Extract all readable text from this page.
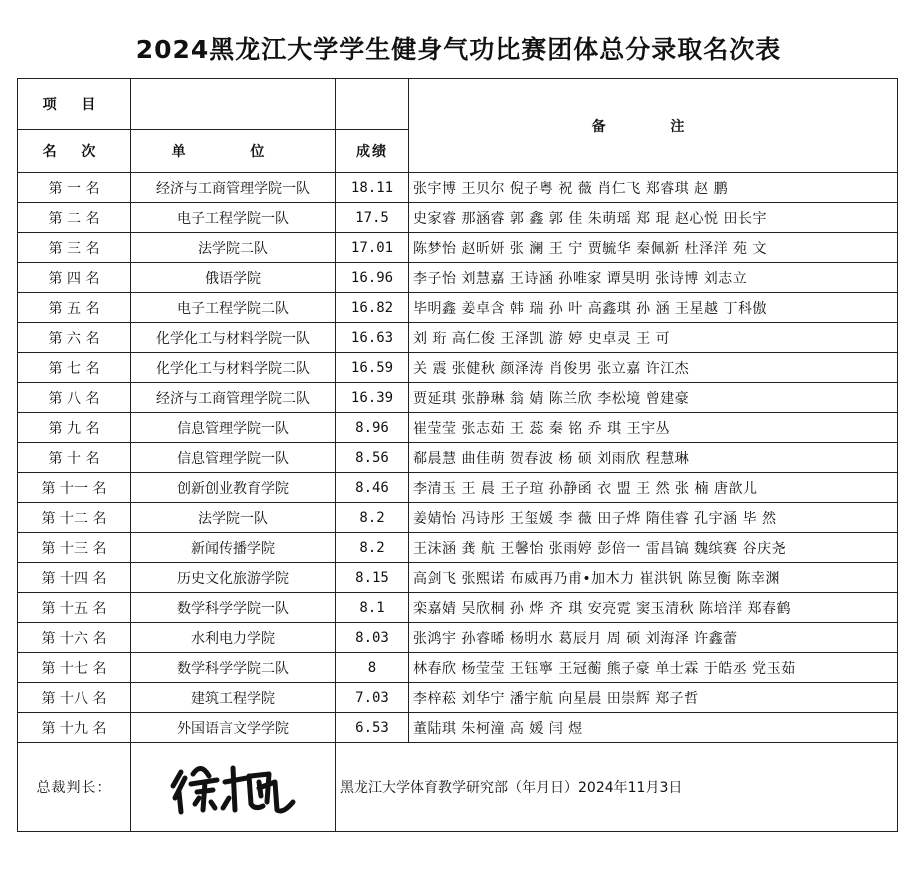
2024黑龙江大学学生健身气功比赛团体总分录取名次表
项 目			备 注
名 次	单 位	成绩	
第 一 名	经济与工商管理学院一队	18.11	张宇博 王贝尔 倪子粤 祝 薇 肖仁飞 郑睿琪 赵 鹏
第 二 名	电子工程学院一队	17.5	史家睿 那涵睿 郭 鑫 郭 佳 朱萌瑶 郑 琨 赵心悦 田长宇
第 三 名	法学院二队	17.01	陈梦怡 赵昕妍 张 澜 王 宁 贾毓华 秦佩新 杜泽洋 苑 文
第 四 名	俄语学院	16.96	李子怡 刘慧嘉 王诗涵 孙唯家 谭昊明 张诗博 刘志立
第 五 名	电子工程学院二队	16.82	毕明鑫 姜卓含 韩 瑞 孙 叶 高鑫琪 孙 涵 王星越 丁科傲
第 六 名	化学化工与材料学院一队	16.63	刘 珩 高仁俊 王泽凯 游 婷 史卓灵 王 可
第 七 名	化学化工与材料学院二队	16.59	关 震 张健秋 颜泽涛 肖俊男 张立嘉 许江杰
第 八 名	经济与工商管理学院二队	16.39	贾延琪 张静琳 翁 婧 陈兰欣 李松境 曾建豪
第 九 名	信息管理学院一队	8.96	崔莹莹 张志茹 王 蕊 秦 铭 乔 琪 王宇丛
第 十 名	信息管理学院一队	8.56	郗晨慧 曲佳萌 贺春波 杨 硕 刘雨欣 程慧琳
第 十一 名	创新创业教育学院	8.46	李清玉 王 晨 王子瑄 孙静函 衣 盟 王 然 张 楠 唐歆儿
第 十二 名	法学院一队	8.2	姜婧怡 冯诗彤 王玺媛 李 薇 田子烨 隋佳睿 孔宇涵 毕 然
第 十三 名	新闻传播学院	8.2	王沫涵 龚 航 王馨怡 张雨婷 彭倍一 雷昌镐 魏缤赛 谷庆尧
第 十四 名	历史文化旅游学院	8.15	高剑飞 张熙诺 布威再乃甫•加木力 崔洪钒 陈昱衡 陈幸渊
第 十五 名	数学科学学院一队	8.1	栾嘉婧 吴欣桐 孙 烨 齐 琪 安亮霓 窦玉清秋 陈培洋 郑春鹤
第 十六 名	水利电力学院	8.03	张鸿宇 孙睿晞 杨明水 葛辰月 周 硕 刘海泽 许鑫蕾
第 十七 名	数学科学学院二队	8	林春欣 杨莹莹 王钰寧 王冠蘅 熊子豪 单士霖 于皓丞 党玉茹
第 十八 名	建筑工程学院	7.03	李梓菘 刘华宁 潘宇航 向星晨 田崇辉 郑子哲
第 十九 名	外国语言文学学院	6.53	董陆琪 朱柯潼 高 媛 闫 煜
总裁判长：		黑龙江大学体育教学研究部（年月日）2024年11月3日	
